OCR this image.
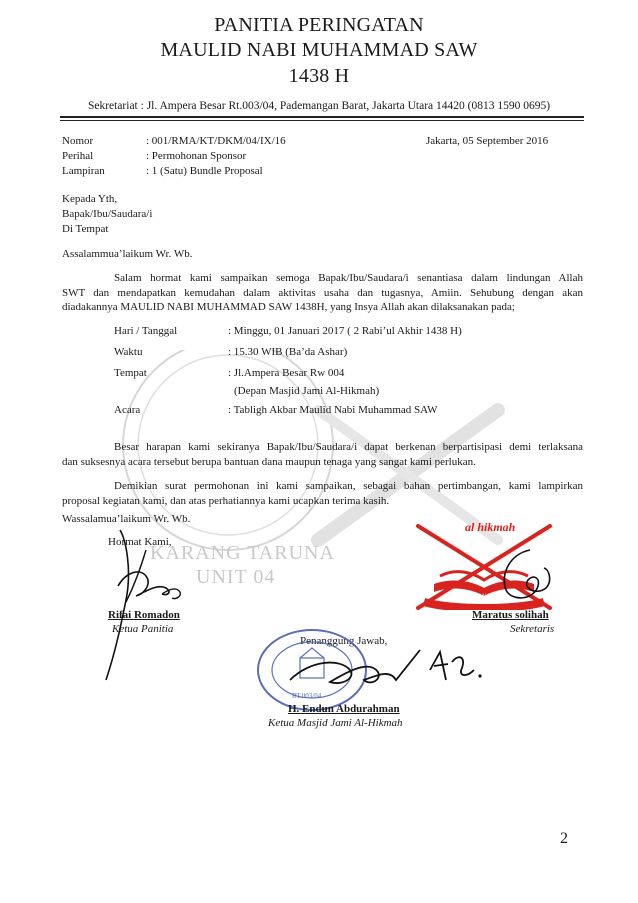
PANITIA PERINGATAN
MAULID NABI MUHAMMAD SAW
1438 H
Sekretariat : Jl. Ampera Besar Rt.003/04, Pademangan Barat, Jakarta Utara 14420 (0813 1590 0695)
Nomor	: 001/RMA/KT/DKM/04/IX/16	Jakarta, 05 September 2016
Perihal	: Permohonan Sponsor
Lampiran	: 1 (Satu) Bundle Proposal
Kepada Yth,
Bapak/Ibu/Saudara/i
Di Tempat
Assalammua’laikum Wr. Wb.
Salam hormat kami sampaikan semoga Bapak/Ibu/Saudara/i senantiasa dalam lindungan Allah
SWT dan mendapatkan kemudahan dalam aktivitas usaha dan tugasnya, Amiin. Sehubung dengan akan
diadakannya MAULID NABI MUHAMMAD SAW 1438H, yang Insya Allah akan dilaksanakan pada;
Hari / Tanggal	: Minggu, 01 Januari 2017 ( 2 Rabi’ul Akhir 1438 H)
Waktu	: 15.30 WIB (Ba’da Ashar)
Tempat	: Jl.Ampera Besar Rw 004
(Depan Masjid Jami Al-Hikmah)
Acara	: Tabligh Akbar Maulid Nabi Muhammad SAW
Besar harapan kami sekiranya Bapak/Ibu/Saudara/i dapat berkenan berpartisipasi demi terlaksana
dan suksesnya acara tersebut berupa bantuan dana maupun tenaga yang sangat kami perlukan.
Demikian surat permohonan ini kami sampaikan, sebagai bahan pertimbangan, kami lampirkan
proposal kegiatan kami, dan atas perhatiannya kami ucapkan terima kasih.
KARANG TARUNA
UNIT 04
Wassalamua’laikum Wr. Wb.
Hormat Kami,
Rifai Romadon
Ketua Panitia
al hikmah
Masjid Jami Al-Hikmah
Maratus solihah
Sekretaris
Penanggung Jawab,
RT.003/04
H. Endun Abdurahman
Ketua Masjid Jami Al-Hikmah
2
